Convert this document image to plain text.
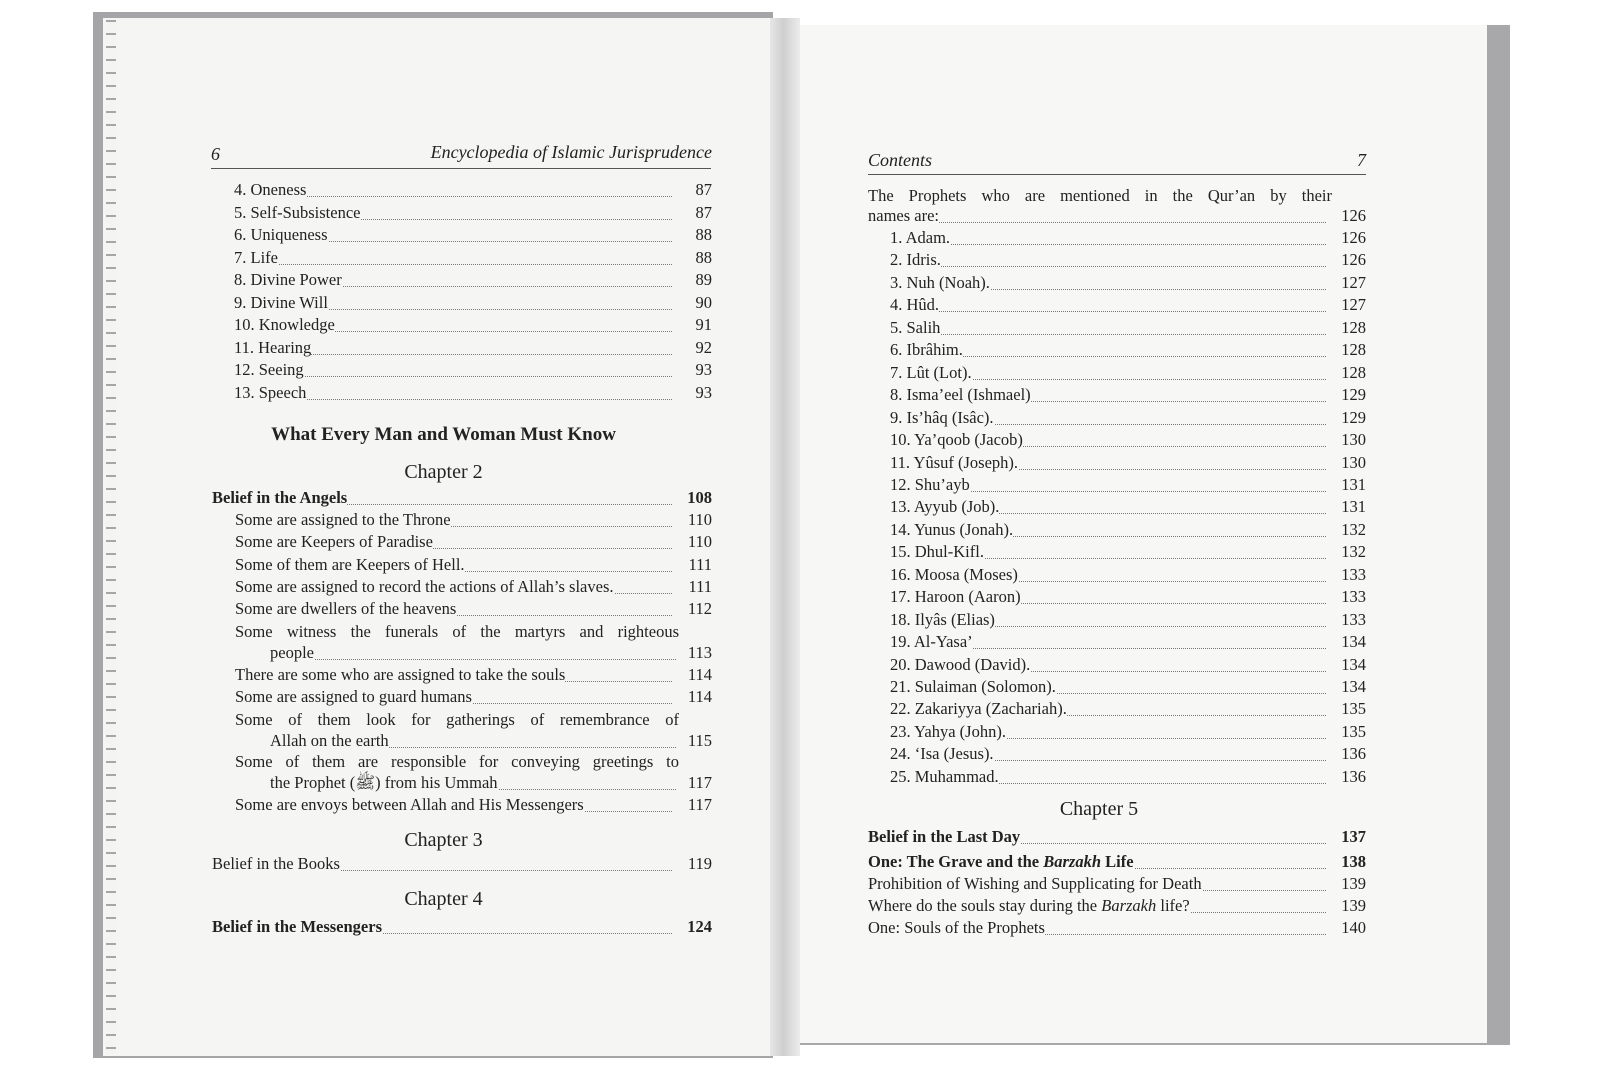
6	Encyclopedia of Islamic Jurisprudence
4. Oneness	87
5. Self-Subsistence	87
6. Uniqueness	88
7. Life	88
8. Divine Power	89
9. Divine Will	90
10. Knowledge	91
11. Hearing	92
12. Seeing	93
13. Speech	93
Belief in the Angels	108
Some are assigned to the Throne	110
Some are Keepers of Paradise	110
Some of them are Keepers of Hell.	111
Some are assigned to record the actions of Allah’s slaves.	111
Some are dwellers of the heavens	112
Some witness the funerals of the martyrs and righteous
people	113
There are some who are assigned to take the souls	114
Some are assigned to guard humans	114
Some of them look for gatherings of remembrance of
Allah on the earth	115
Some of them are responsible for conveying greetings to
the Prophet (ﷺ) from his Ummah	117
Some are envoys between Allah and His Messengers	117
Belief in the Books	119
Belief in the Messengers	124
What Every Man and Woman Must Know
Chapter 2
Chapter 3
Chapter 4
Contents	7
The Prophets who are mentioned in the Qur’an by their
names are:	126
1. Adam.	126
2. Idris.	126
3. Nuh (Noah).	127
4. Hûd.	127
5. Salih	128
6. Ibrâhim.	128
7. Lût (Lot).	128
8. Isma’eel (Ishmael)	129
9. Is’hâq (Isâc).	129
10. Ya’qoob (Jacob)	130
11. Yûsuf (Joseph).	130
12. Shu’ayb	131
13. Ayyub (Job).	131
14. Yunus (Jonah).	132
15. Dhul-Kifl.	132
16. Moosa (Moses)	133
17. Haroon (Aaron)	133
18. Ilyâs (Elias)	133
19. Al-Yasa’	134
20. Dawood (David).	134
21. Sulaiman (Solomon).	134
22. Zakariyya (Zachariah).	135
23. Yahya (John).	135
24. ‘Isa (Jesus).	136
25. Muhammad.	136
Belief in the Last Day	137
One: The Grave and the Barzakh Life	138
Prohibition of Wishing and Supplicating for Death	139
Where do the souls stay during the Barzakh life?	139
One: Souls of the Prophets	140
Chapter 5
